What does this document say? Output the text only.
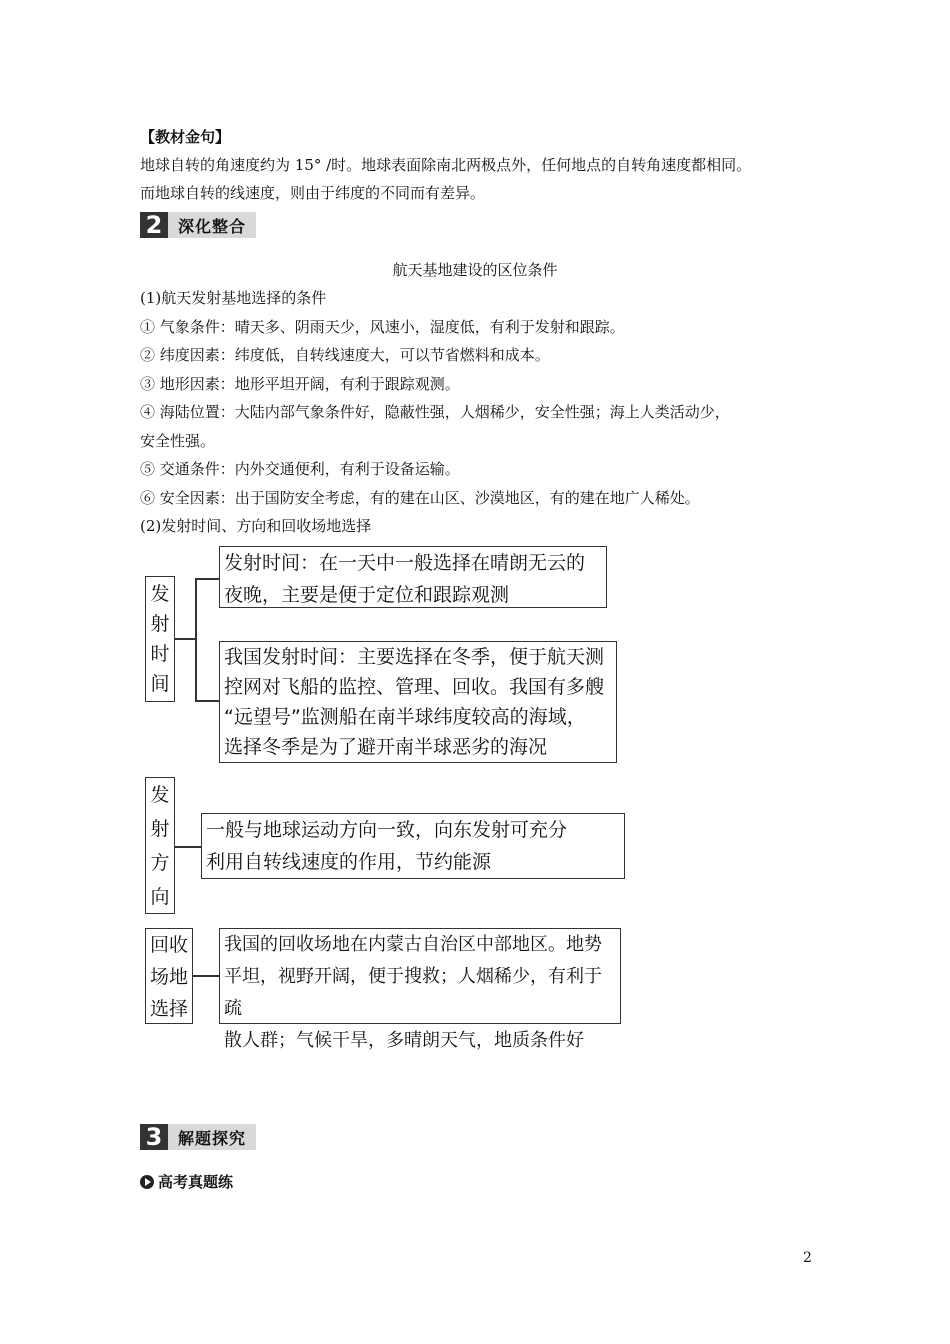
【教材金句】
地球自转的角速度约为 15° /时。地球表面除南北两极点外，任何地点的自转角速度都相同。
而地球自转的线速度，则由于纬度的不同而有差异。
2 深化整合
航天基地建设的区位条件
(1)航天发射基地选择的条件
① 气象条件：晴天多、阴雨天少，风速小，湿度低，有利于发射和跟踪。
② 纬度因素：纬度低，自转线速度大，可以节省燃料和成本。
③ 地形因素：地形平坦开阔，有利于跟踪观测。
④ 海陆位置：大陆内部气象条件好，隐蔽性强，人烟稀少，安全性强；海上人类活动少，
安全性强。
⑤ 交通条件：内外交通便利，有利于设备运输。
⑥ 安全因素：出于国防安全考虑，有的建在山区、沙漠地区，有的建在地广人稀处。
(2)发射时间、方向和回收场地选择
发
射
时
间
发射时间：在一天中一般选择在晴朗无云的
夜晚，主要是便于定位和跟踪观测
我国发射时间：主要选择在冬季，便于航天测
控网对飞船的监控、管理、回收。我国有多艘
“远望号”监测船在南半球纬度较高的海域，
选择冬季是为了避开南半球恶劣的海况
发
射
方
向
一般与地球运动方向一致，向东发射可充分
利用自转线速度的作用，节约能源
回收
场地
选择
我国的回收场地在内蒙古自治区中部地区。地势
平坦，视野开阔，便于搜救；人烟稀少，有利于疏
散人群；气候干旱，多晴朗天气，地质条件好
3 解题探究
高考真题练
2
